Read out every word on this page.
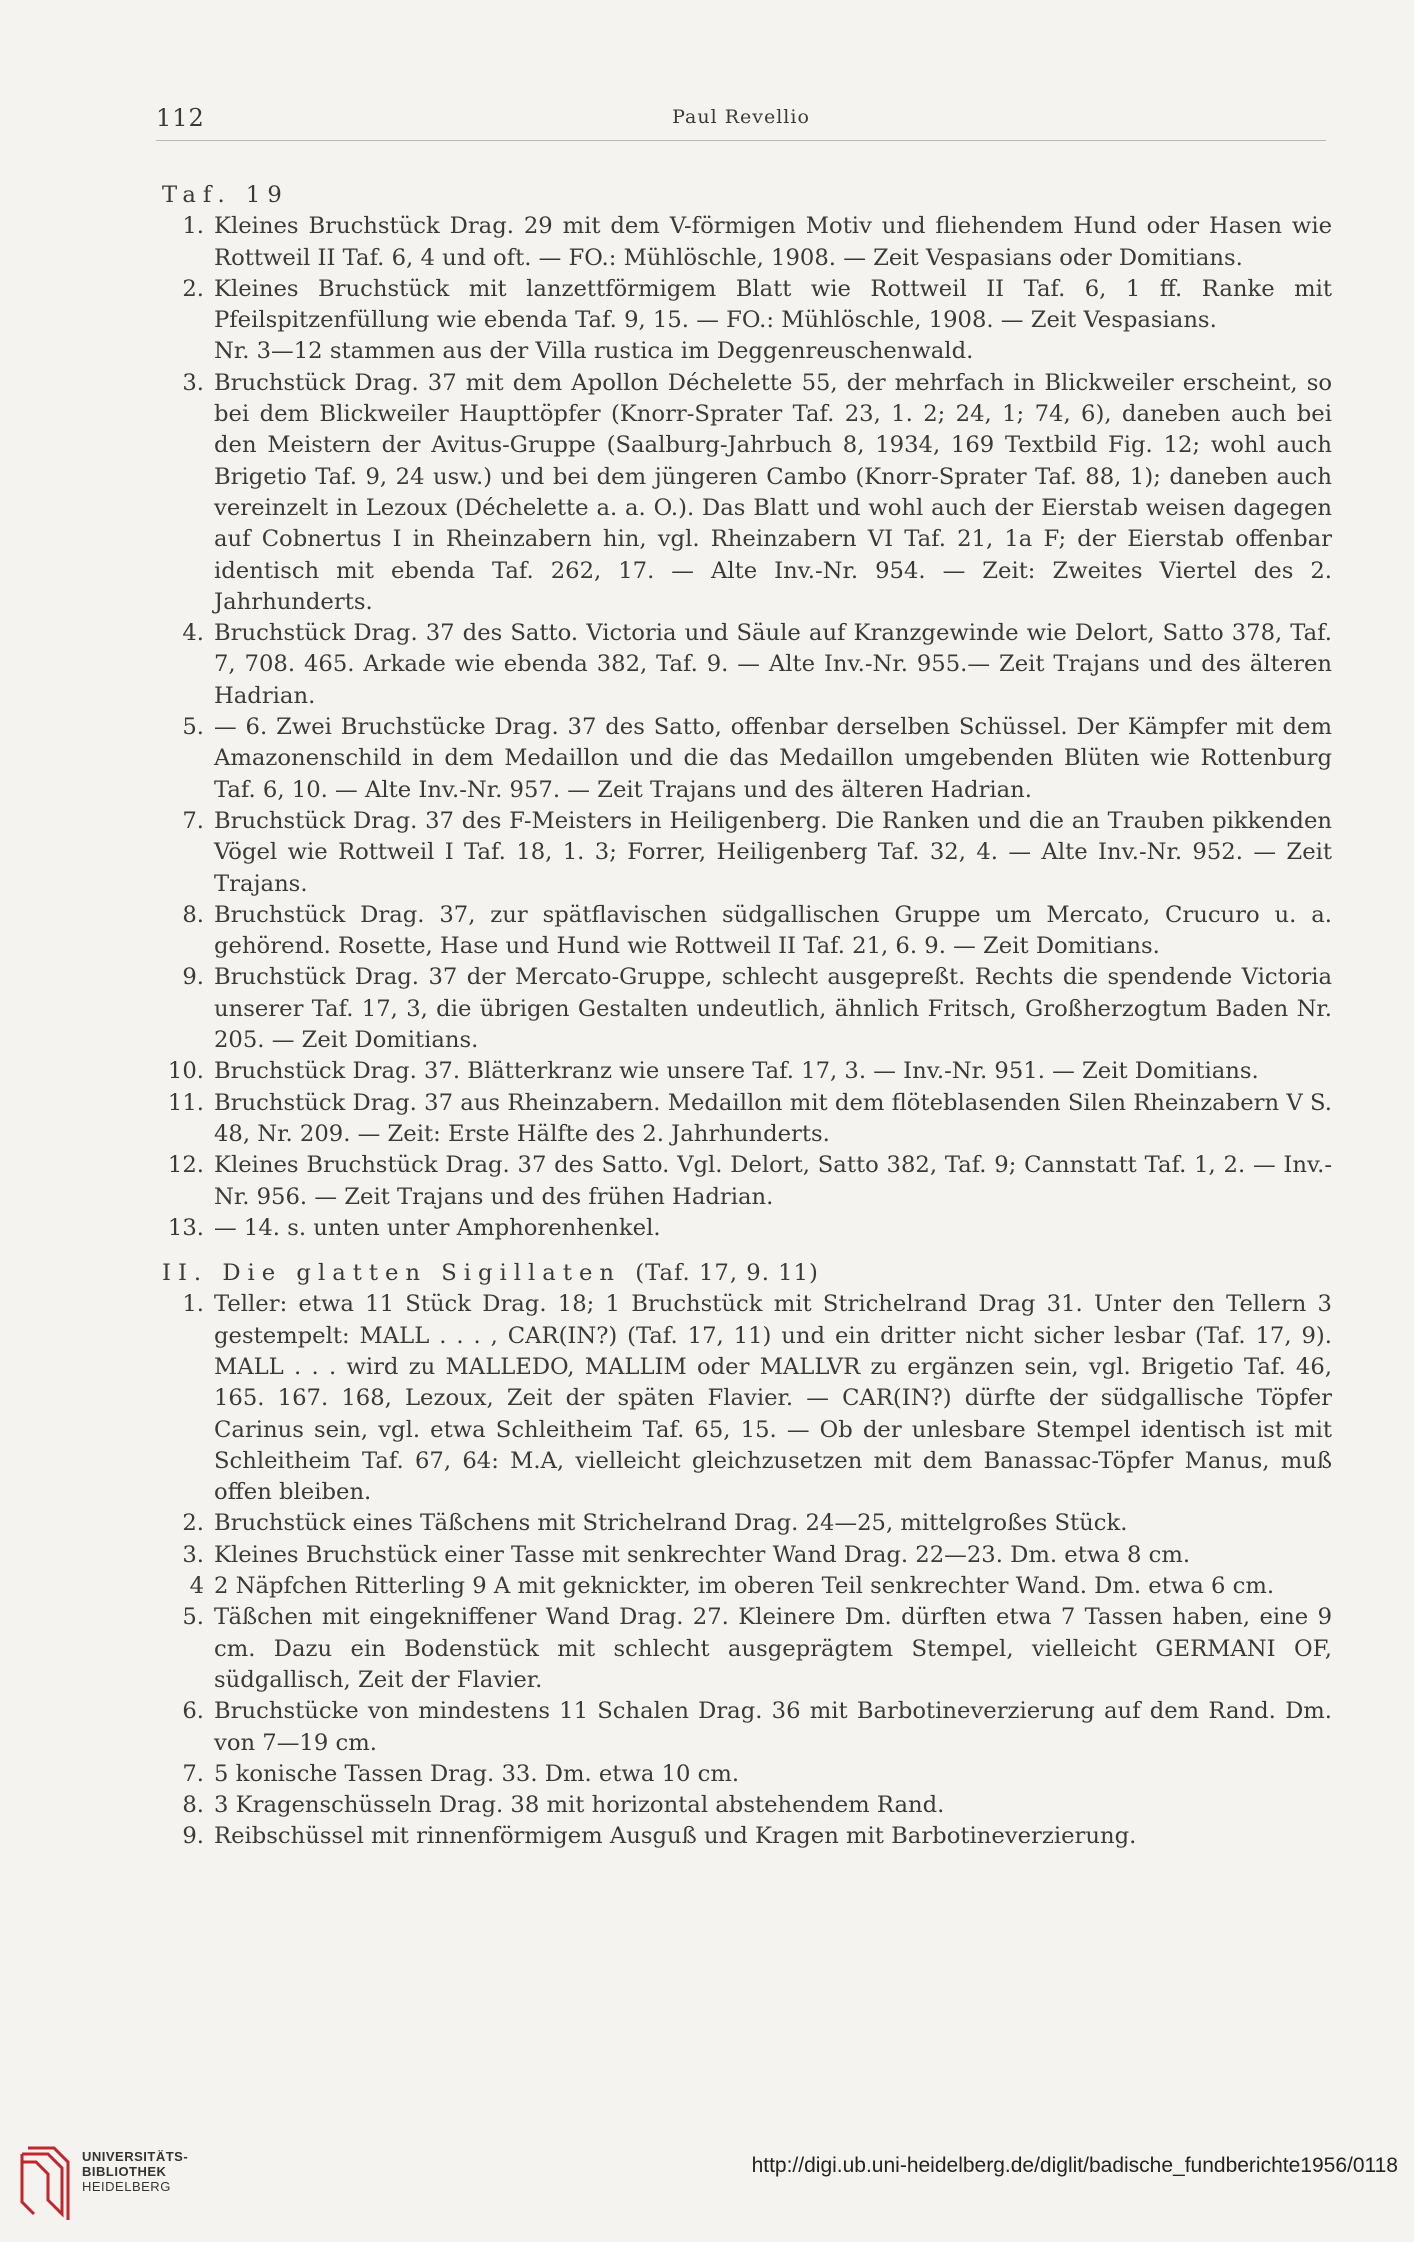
112	Paul Revellio

Taf. 19

1. Kleines Bruchstück Drag. 29 mit dem V-förmigen Motiv und fliehendem Hund oder Hasen wie Rottweil II Taf. 6, 4 und oft. — FO.: Mühlöschle, 1908. — Zeit Vespasians oder Domitians.
2. Kleines Bruchstück mit lanzettförmigem Blatt wie Rottweil II Taf. 6, 1 ff. Ranke mit Pfeilspitzenfüllung wie ebenda Taf. 9, 15. — FO.: Mühlöschle, 1908. — Zeit Vespasians.
Nr. 3—12 stammen aus der Villa rustica im Deggenreuschenwald.
3. Bruchstück Drag. 37 mit dem Apollon Déchelette 55, der mehrfach in Blickweiler erscheint, so bei dem Blickweiler Haupttöpfer (Knorr-Sprater Taf. 23, 1. 2; 24, 1; 74, 6), daneben auch bei den Meistern der Avitus-Gruppe (Saalburg-Jahrbuch 8, 1934, 169 Textbild Fig. 12; wohl auch Brigetio Taf. 9, 24 usw.) und bei dem jüngeren Cambo (Knorr-Sprater Taf. 88, 1); daneben auch vereinzelt in Lezoux (Déchelette a. a. O.). Das Blatt und wohl auch der Eierstab weisen dagegen auf Cobnertus I in Rheinzabern hin, vgl. Rheinzabern VI Taf. 21, 1a F; der Eierstab offenbar identisch mit ebenda Taf. 262, 17. — Alte Inv.-Nr. 954. — Zeit: Zweites Viertel des 2. Jahrhunderts.
4. Bruchstück Drag. 37 des Satto. Victoria und Säule auf Kranzgewinde wie Delort, Satto 378, Taf. 7, 708. 465. Arkade wie ebenda 382, Taf. 9. — Alte Inv.-Nr. 955.— Zeit Trajans und des älteren Hadrian.
5. — 6. Zwei Bruchstücke Drag. 37 des Satto, offenbar derselben Schüssel. Der Kämpfer mit dem Amazonenschild in dem Medaillon und die das Medaillon umgebenden Blüten wie Rottenburg Taf. 6, 10. — Alte Inv.-Nr. 957. — Zeit Trajans und des älteren Hadrian.
7. Bruchstück Drag. 37 des F-Meisters in Heiligenberg. Die Ranken und die an Trauben pikkenden Vögel wie Rottweil I Taf. 18, 1. 3; Forrer, Heiligenberg Taf. 32, 4. — Alte Inv.-Nr. 952. — Zeit Trajans.
8. Bruchstück Drag. 37, zur spätflavischen südgallischen Gruppe um Mercato, Crucuro u. a. gehörend. Rosette, Hase und Hund wie Rottweil II Taf. 21, 6. 9. — Zeit Domitians.
9. Bruchstück Drag. 37 der Mercato-Gruppe, schlecht ausgepreßt. Rechts die spendende Victoria unserer Taf. 17, 3, die übrigen Gestalten undeutlich, ähnlich Fritsch, Großherzogtum Baden Nr. 205. — Zeit Domitians.
10. Bruchstück Drag. 37. Blätterkranz wie unsere Taf. 17, 3. — Inv.-Nr. 951. — Zeit Domitians.
11. Bruchstück Drag. 37 aus Rheinzabern. Medaillon mit dem flöteblasenden Silen Rheinzabern V S. 48, Nr. 209. — Zeit: Erste Hälfte des 2. Jahrhunderts.
12. Kleines Bruchstück Drag. 37 des Satto. Vgl. Delort, Satto 382, Taf. 9; Cannstatt Taf. 1, 2. — Inv.-Nr. 956. — Zeit Trajans und des frühen Hadrian.
13. — 14. s. unten unter Amphorenhenkel.

II. Die glatten Sigillaten (Taf. 17, 9. 11)

1. Teller: etwa 11 Stück Drag. 18; 1 Bruchstück mit Strichelrand Drag 31. Unter den Tellern 3 gestempelt: MALL . . . , CAR(IN?) (Taf. 17, 11) und ein dritter nicht sicher lesbar (Taf. 17, 9). MALL . . . wird zu MALLEDO, MALLIM oder MALLVR zu ergänzen sein, vgl. Brigetio Taf. 46, 165. 167. 168, Lezoux, Zeit der späten Flavier. — CAR(IN?) dürfte der südgallische Töpfer Carinus sein, vgl. etwa Schleitheim Taf. 65, 15. — Ob der unlesbare Stempel identisch ist mit Schleitheim Taf. 67, 64: M.A, vielleicht gleichzusetzen mit dem Banassac-Töpfer Manus, muß offen bleiben.
2. Bruchstück eines Täßchens mit Strichelrand Drag. 24—25, mittelgroßes Stück.
3. Kleines Bruchstück einer Tasse mit senkrechter Wand Drag. 22—23. Dm. etwa 8 cm.
4 2 Näpfchen Ritterling 9 A mit geknickter, im oberen Teil senkrechter Wand. Dm. etwa 6 cm.
5. Täßchen mit eingekniffener Wand Drag. 27. Kleinere Dm. dürften etwa 7 Tassen haben, eine 9 cm. Dazu ein Bodenstück mit schlecht ausgeprägtem Stempel, vielleicht GERMANI OF, südgallisch, Zeit der Flavier.
6. Bruchstücke von mindestens 11 Schalen Drag. 36 mit Barbotineverzierung auf dem Rand. Dm. von 7—19 cm.
7. 5 konische Tassen Drag. 33. Dm. etwa 10 cm.
8. 3 Kragenschüsseln Drag. 38 mit horizontal abstehendem Rand.
9. Reibschüssel mit rinnenförmigem Ausguß und Kragen mit Barbotineverzierung.
UNIVERSITÄTS-
BIBLIOTHEK
HEIDELBERG
http://digi.ub.uni-heidelberg.de/diglit/badische_fundberichte1956/0118
